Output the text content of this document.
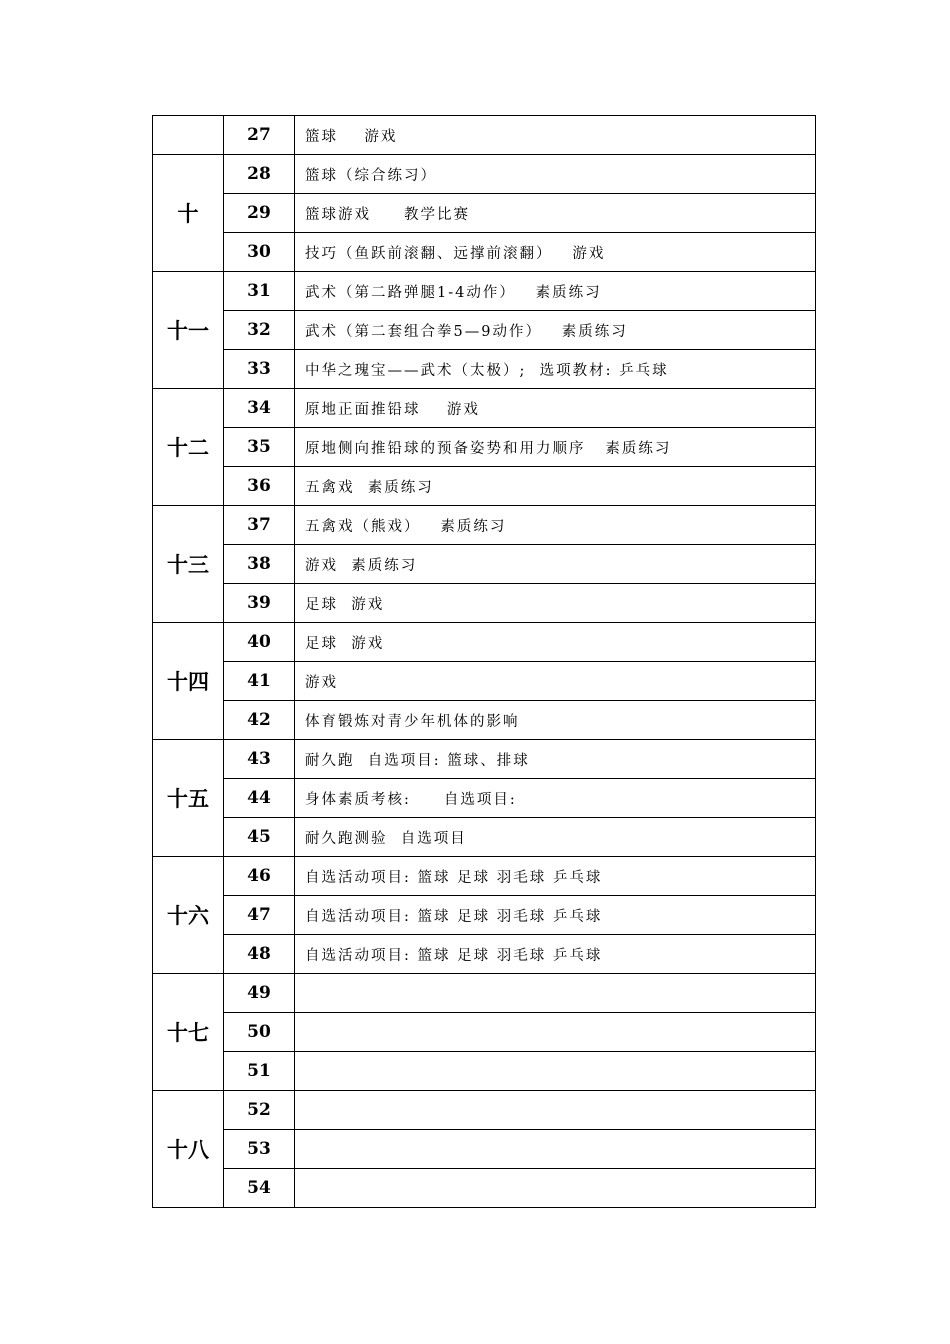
	27	篮球    游戏
十	28	篮球（综合练习）
	29	篮球游戏     教学比赛
	30	技巧（鱼跃前滚翻、远撑前滚翻）   游戏
十一	31	武术（第二路弹腿1-4动作）   素质练习
	32	武术（第二套组合拳5—9动作）   素质练习
	33	中华之瑰宝——武术（太极）;  选项教材: 乒乓球
十二	34	原地正面推铅球    游戏
	35	原地侧向推铅球的预备姿势和用力顺序   素质练习
	36	五禽戏  素质练习
十三	37	五禽戏（熊戏）   素质练习
	38	游戏  素质练习
	39	足球  游戏
十四	40	足球  游戏
	41	游戏
	42	体育锻炼对青少年机体的影响
十五	43	耐久跑  自选项目: 篮球、排球
	44	身体素质考核:     自选项目:
	45	耐久跑测验  自选项目
十六	46	自选活动项目: 篮球 足球 羽毛球 乒乓球
	47	自选活动项目: 篮球 足球 羽毛球 乒乓球
	48	自选活动项目: 篮球 足球 羽毛球 乒乓球
十七	49	
	50	
	51	
十八	52	
	53	
	54	
